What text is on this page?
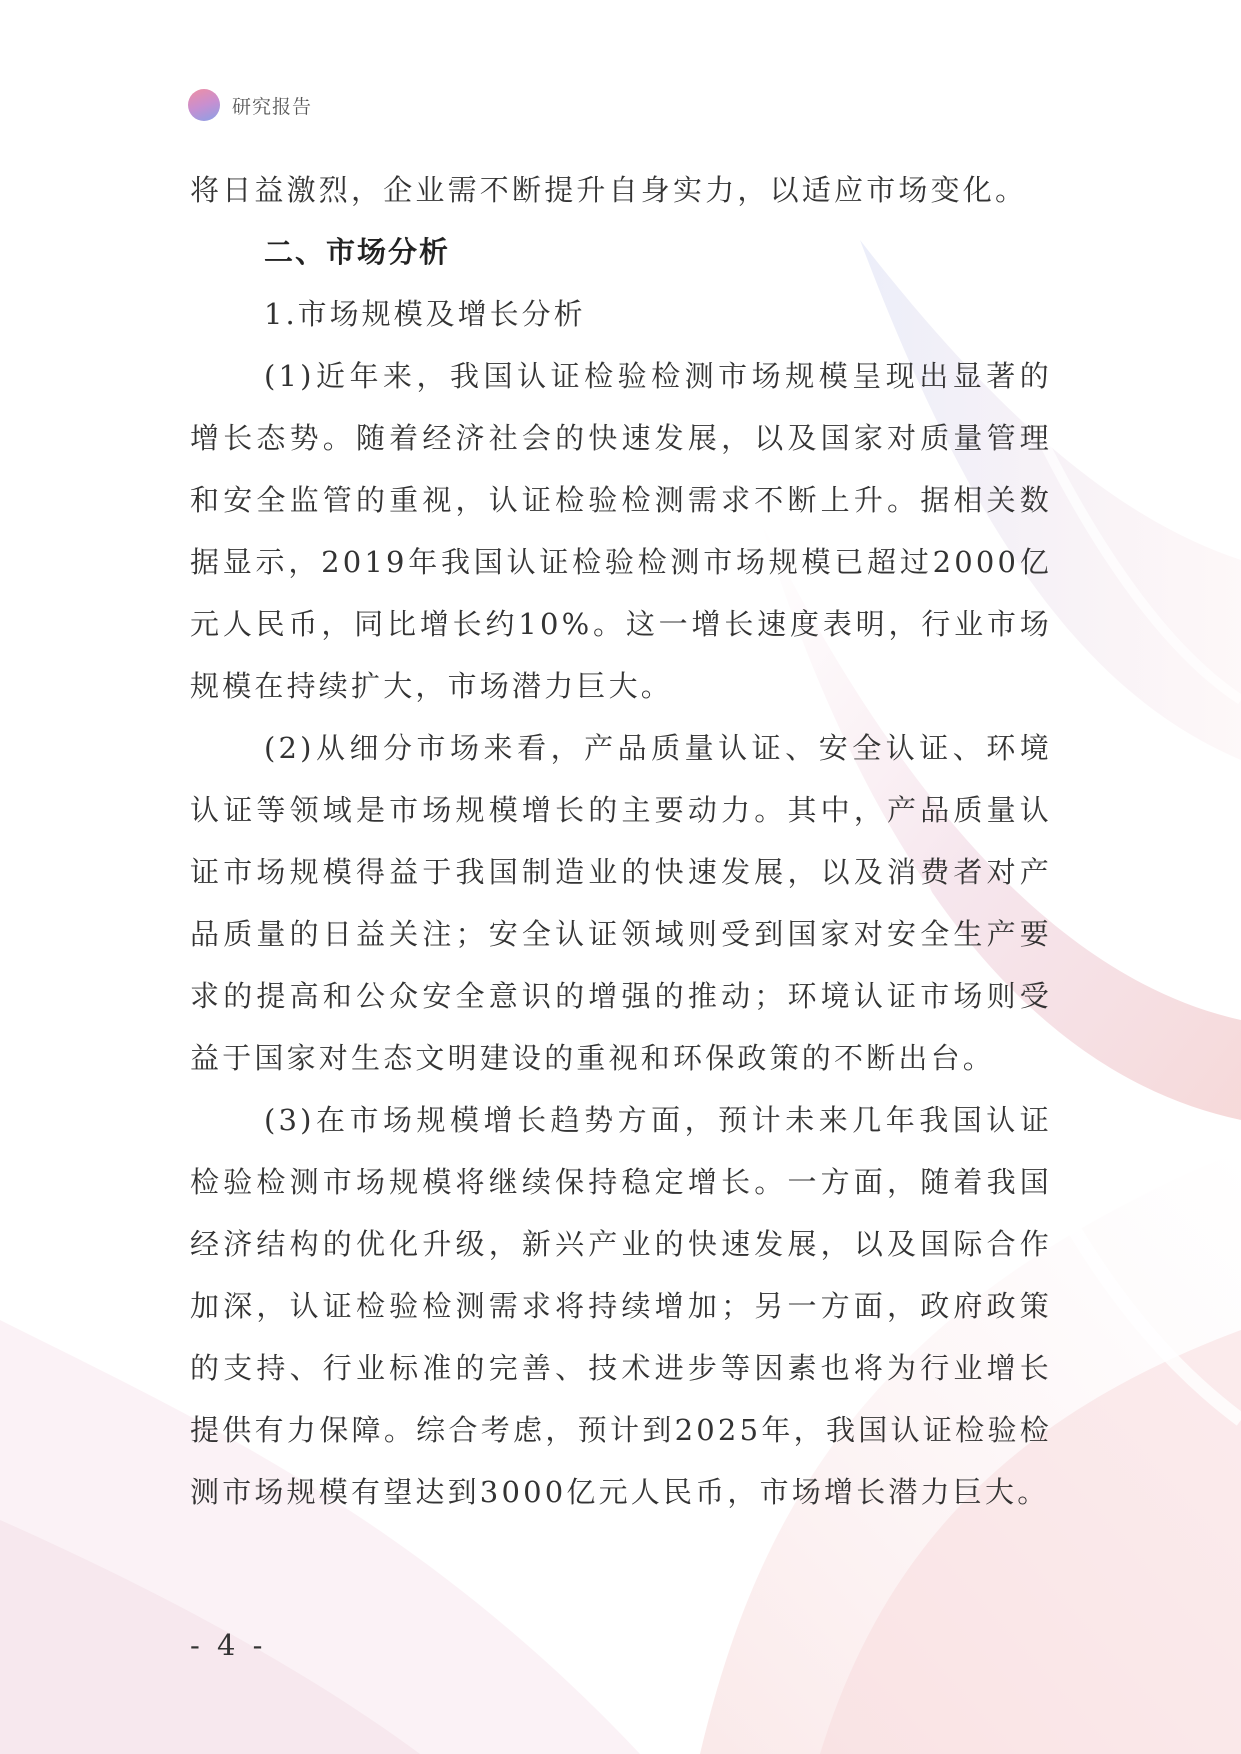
研究报告

将日益激烈，企业需不断提升自身实力，以适应市场变化。

二、市场分析
1.市场规模及增长分析

(1)近年来，我国认证检验检测市场规模呈现出显著的增长态势。随着经济社会的快速发展，以及国家对质量管理和安全监管的重视，认证检验检测需求不断上升。据相关数据显示，2019年我国认证检验检测市场规模已超过2000亿元人民币，同比增长约10%。这一增长速度表明，行业市场规模在持续扩大，市场潜力巨大。

(2)从细分市场来看，产品质量认证、安全认证、环境认证等领域是市场规模增长的主要动力。其中，产品质量认证市场规模得益于我国制造业的快速发展，以及消费者对产品质量的日益关注；安全认证领域则受到国家对安全生产要求的提高和公众安全意识的增强的推动；环境认证市场则受益于国家对生态文明建设的重视和环保政策的不断出台。

(3)在市场规模增长趋势方面，预计未来几年我国认证检验检测市场规模将继续保持稳定增长。一方面，随着我国经济结构的优化升级，新兴产业的快速发展，以及国际合作加深，认证检验检测需求将持续增加；另一方面，政府政策的支持、行业标准的完善、技术进步等因素也将为行业增长提供有力保障。综合考虑，预计到2025年，我国认证检验检测市场规模有望达到3000亿元人民币，市场增长潜力巨大。

- 4 -
